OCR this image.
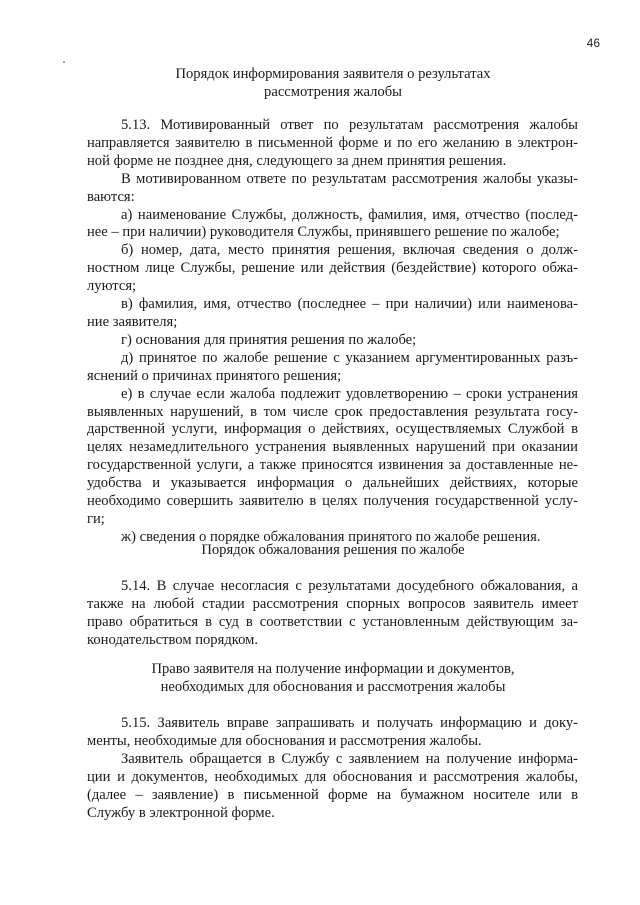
46
Порядок информирования заявителя о результатах
рассмотрения жалобы

5.13. Мотивированный ответ по результатам рассмотрения жалобы

направляется заявителю в письменной форме и по его желанию в электрон-
ной форме не позднее дня, следующего за днем принятия решения.

В мотивированном ответе по результатам рассмотрения жалобы указы-

ваются:

а) наименование Службы, должность, фамилия, имя, отчество (послед-

нее – при наличии) руководителя Службы, принявшего решение по жалобе;

б) номер, дата, место принятия решения, включая сведения о долж-

ностном лице Службы, решение или действия (бездействие) которого обжа-
луются;

в) фамилия, имя, отчество (последнее – при наличии) или наименова-

ние заявителя;

г) основания для принятия решения по жалобе;

д) принятое по жалобе решение с указанием аргументированных разъ-

яснений о причинах принятого решения;

е) в случае если жалоба подлежит удовлетворению – сроки устранения

выявленных нарушений, в том числе срок предоставления результата госу-
дарственной услуги, информация о действиях, осуществляемых Службой в
целях незамедлительного устранения выявленных нарушений при оказании
государственной услуги, а также приносятся извинения за доставленные не-
удобства и указывается информация о дальнейших действиях, которые
необходимо совершить заявителю в целях получения государственной услу-
ги;

ж) сведения о порядке обжалования принятого по жалобе решения.

Порядок обжалования решения по жалобе

5.14. В случае несогласия с результатами досудебного обжалования, а

также на любой стадии рассмотрения спорных вопросов заявитель имеет
право обратиться в суд в соответствии с установленным действующим за-
конодательством порядком.

Право заявителя на получение информации и документов,
необходимых для обоснования и рассмотрения жалобы

5.15. Заявитель вправе запрашивать и получать информацию и доку-

менты, необходимые для обоснования и рассмотрения жалобы.

Заявитель обращается в Службу с заявлением на получение информа-

ции и документов, необходимых для обоснования и рассмотрения жалобы,
(далее – заявление) в письменной форме на бумажном носителе или в
Службу в электронной форме.
